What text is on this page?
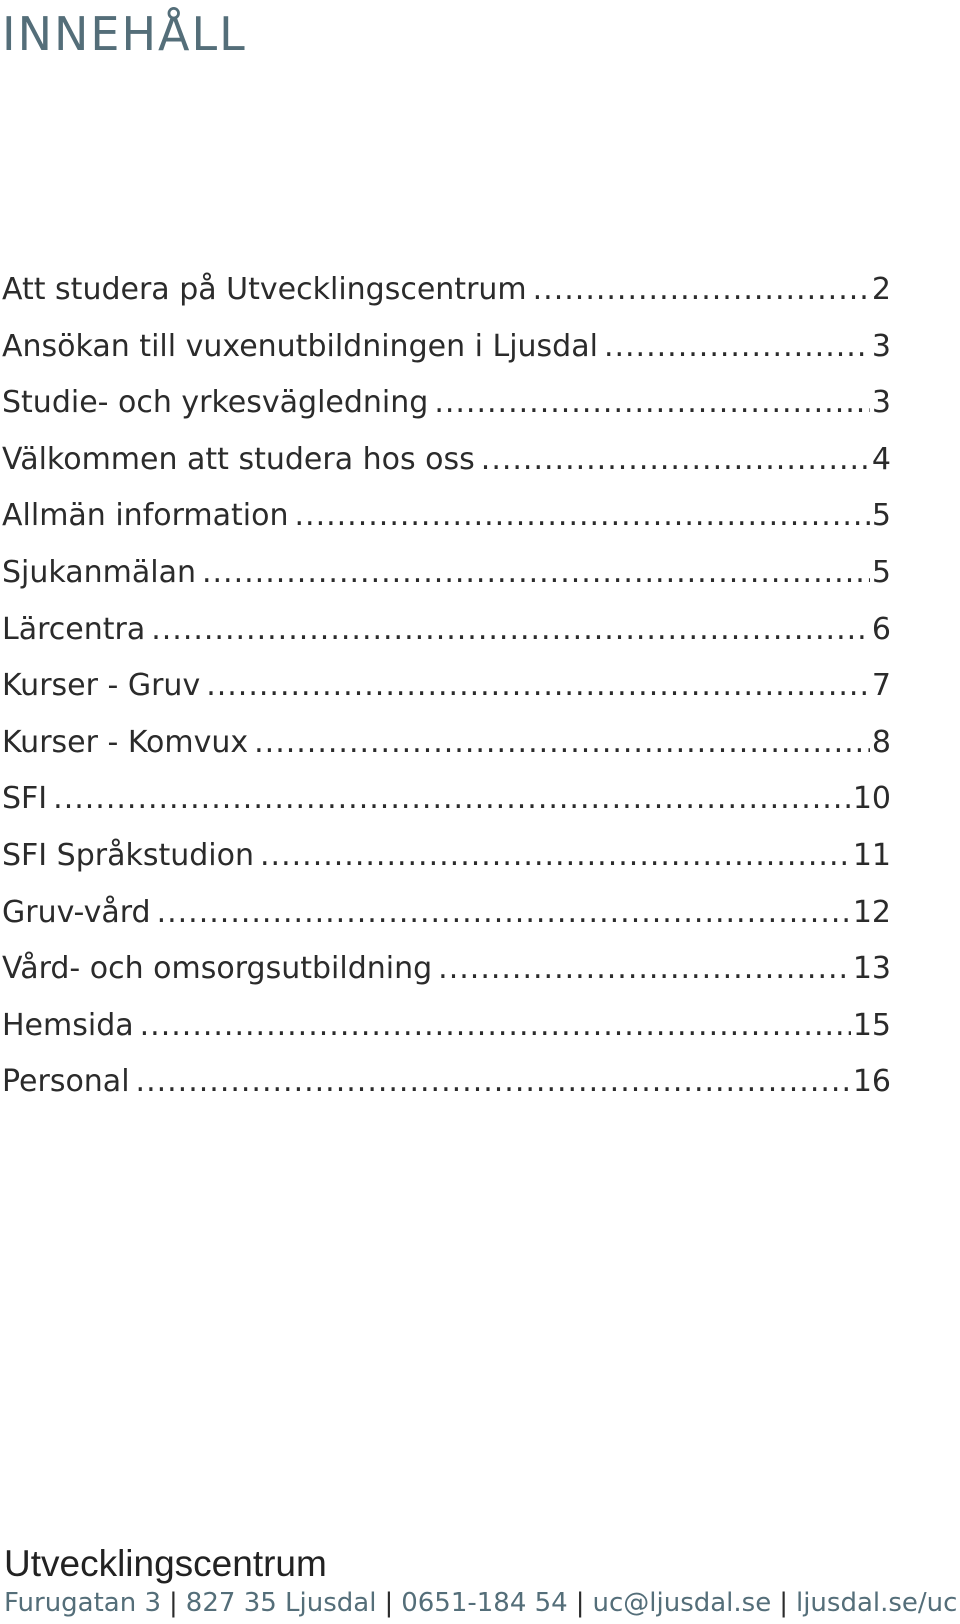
INNEHÅLL
Att studera på Utvecklingscentrum .....	2
Ansökan till vuxenutbildningen i Ljusdal .....	3
Studie- och yrkesvägledning .....	3
Välkommen att studera hos oss .....	4
Allmän information .....	5
Sjukanmälan .....	5
Lärcentra .....	6
Kurser - Gruv .....	7
Kurser - Komvux .....	8
SFI .....	10
SFI Språkstudion .....	11
Gruv-vård .....	12
Vård- och omsorgsutbildning .....	13
Hemsida .....	15
Personal .....	16
Utvecklingscentrum
Furugatan 3 | 827 35 Ljusdal | 0651-184 54 | uc@ljusdal.se | ljusdal.se/uc
